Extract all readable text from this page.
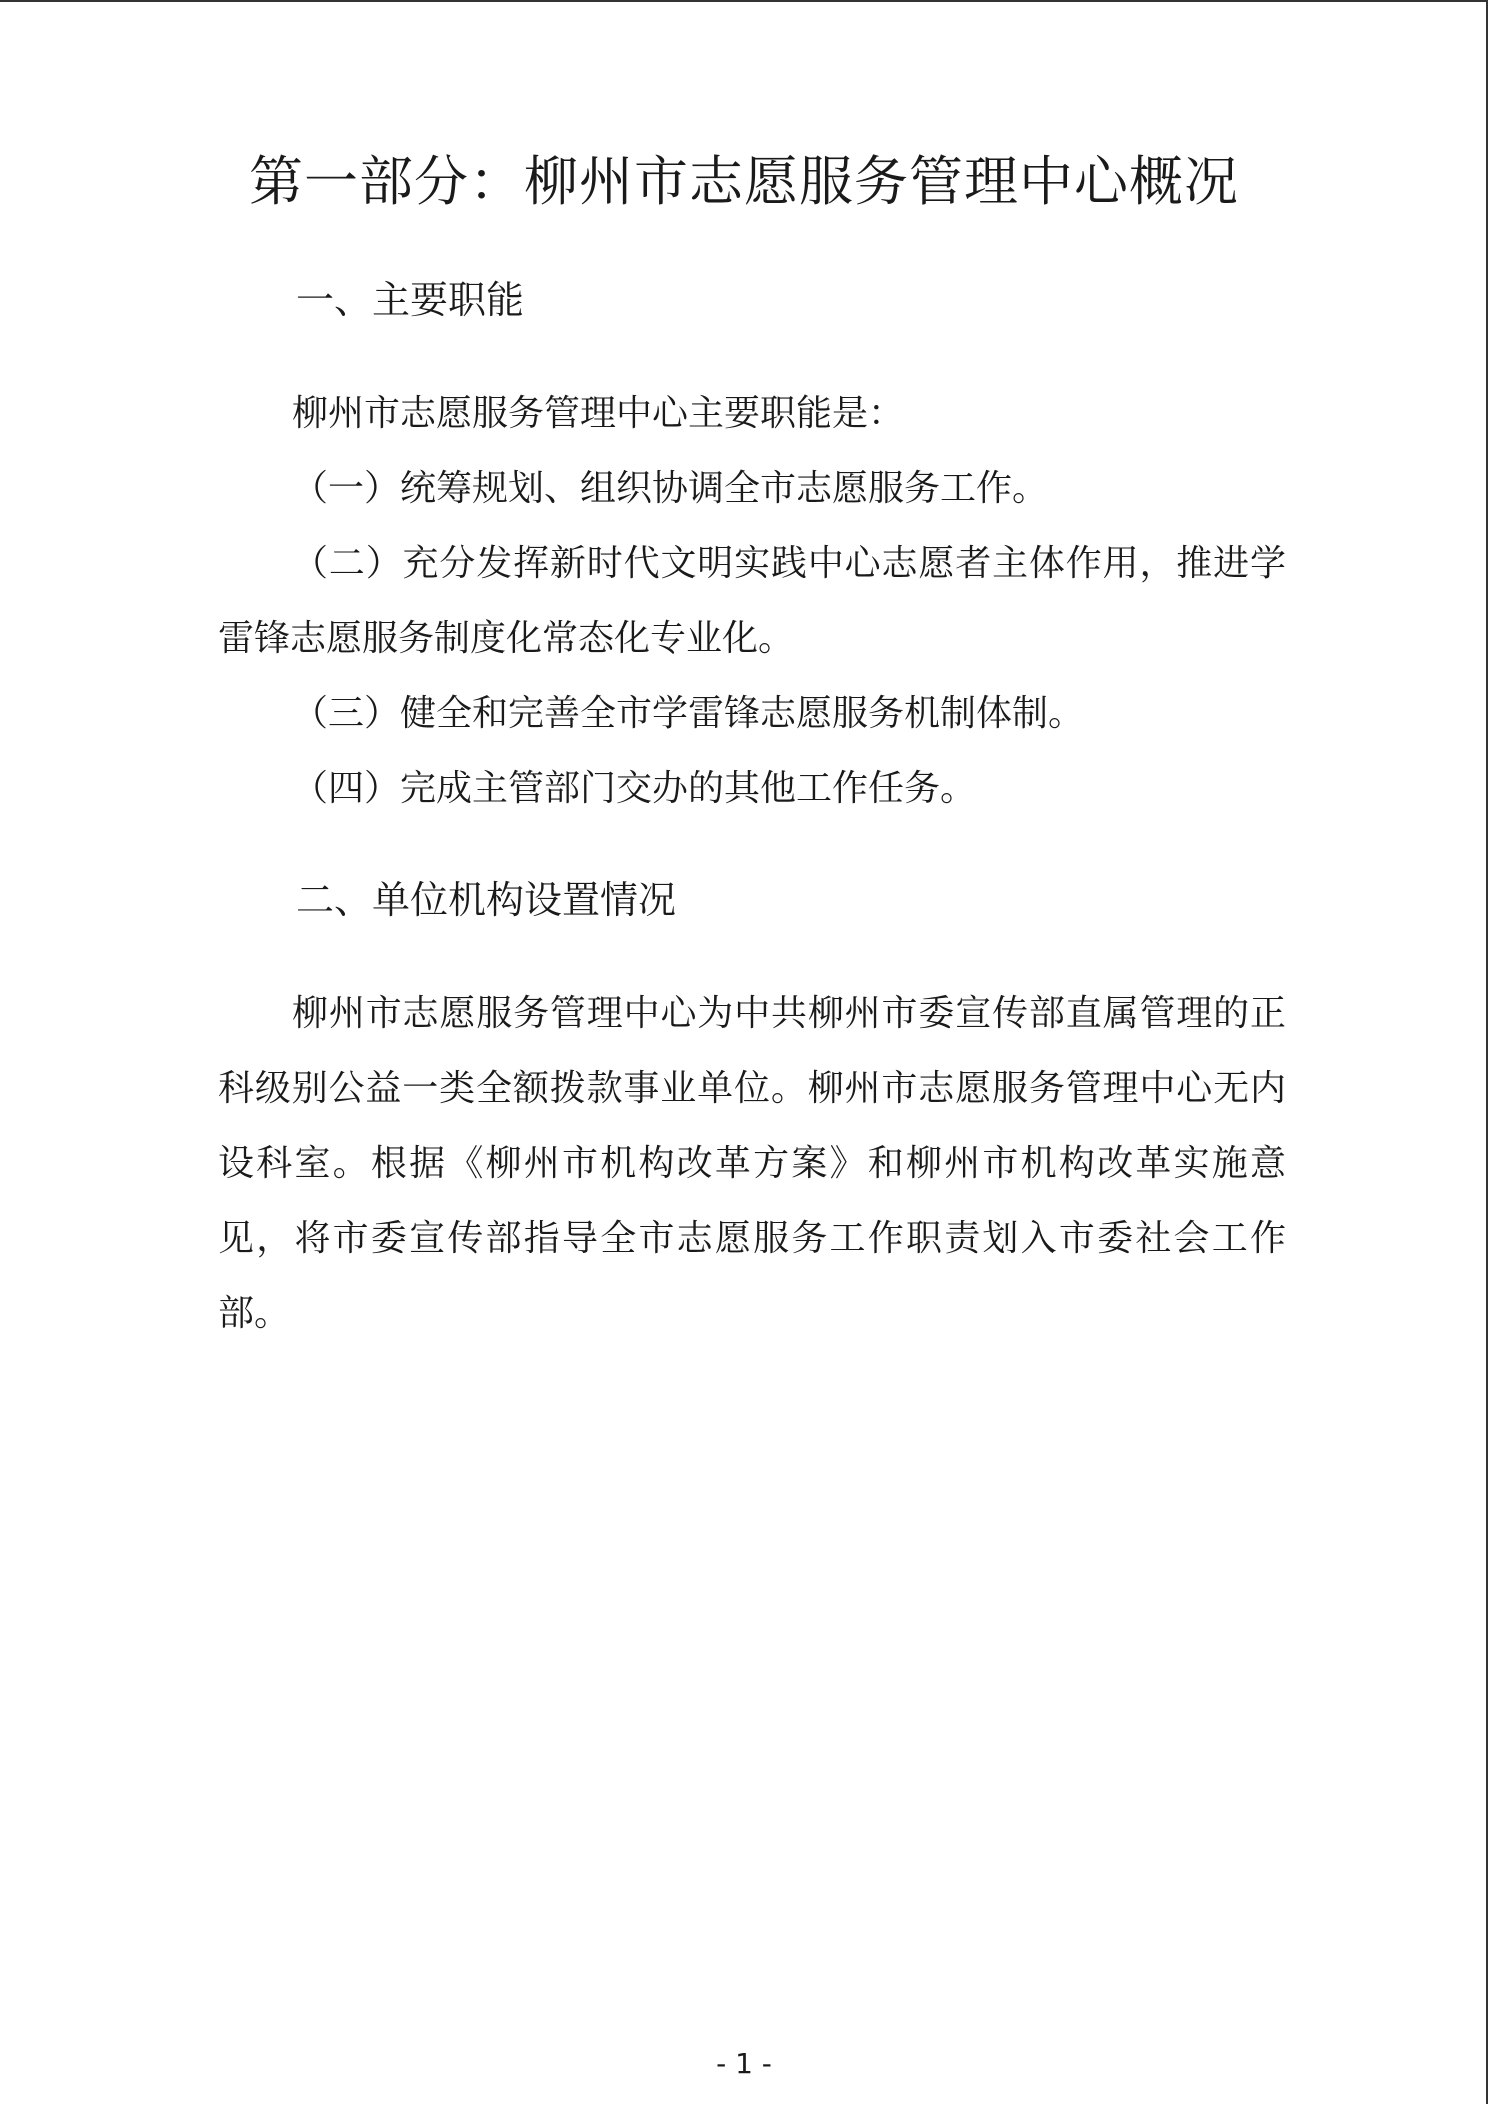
第一部分：柳州市志愿服务管理中心概况
一、主要职能

柳州市志愿服务管理中心主要职能是：

（一）统筹规划、组织协调全市志愿服务工作。

（二）充分发挥新时代文明实践中心志愿者主体作用，推进学雷锋志愿服务制度化常态化专业化。

（三）健全和完善全市学雷锋志愿服务机制体制。
（四）完成主管部门交办的其他工作任务。
二、单位机构设置情况

柳州市志愿服务管理中心为中共柳州市委宣传部直属管理的正科级别公益一类全额拨款事业单位。柳州市志愿服务管理中心无内设科室。根据《柳州市机构改革方案》和柳州市机构改革实施意见，将市委宣传部指导全市志愿服务工作职责划入市委社会工作部。

- 1 -
